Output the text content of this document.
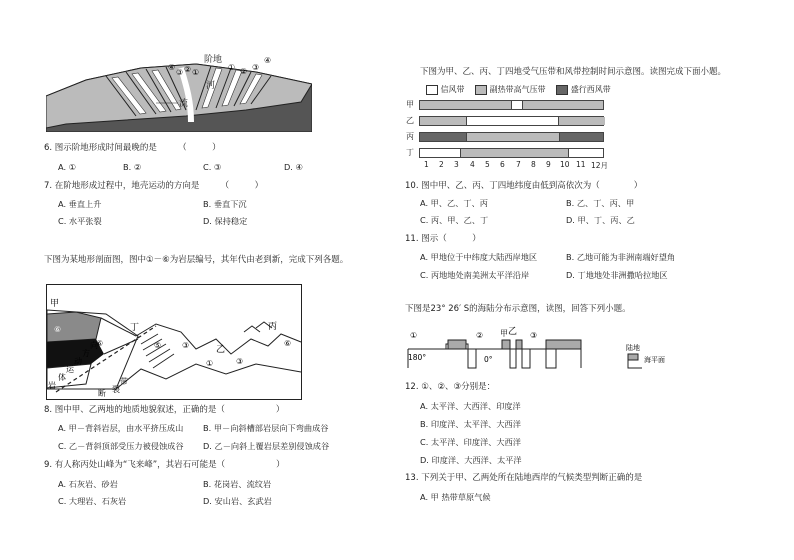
流
河
阶地
④
③ ② ①
① ② ③
④
6. 图示阶地形成时间最晚的是　　　（　　　）
A. ①	B. ②	C. ③	D. ④
7. 在阶地形成过程中，地壳运动的方向是　　　（　　　）
A. 垂直上升	B. 垂直下沉
C. 水平张裂	D. 保持稳定
下图为某地形剖面图，图中①－⑥为岩层编号，其年代由老到新，完成下列各题。
甲
丁
乙
丙
岩
体
运
动
方
向
带
裂
断
⑥
⑥	⑤	③
①	③
⑥
8. 图中甲、乙两地的地质地貌叙述，正确的是（　　　　　　）
A. 甲－背斜岩层，由水平挤压成山 B. 甲－向斜槽部岩层向下弯曲成谷
C. 乙－背斜顶部受压力被侵蚀成谷 D. 乙－向斜上覆岩层差别侵蚀成谷
9. 有人称丙处山峰为“飞来峰”，其岩石可能是（　　　　　　）
A. 石灰岩、砂岩	B. 花岗岩、流纹岩
C. 大理岩、石灰岩	D. 安山岩、玄武岩
下图为甲、乙、丙、丁四地受气压带和风带控制时间示意图。读图完成下面小题。
信风带	副热带高气压带	盛行西风带
甲
乙
丙
丁
1 2 3 4 5 6 7 8 9 10 11 12月
10. 图中甲、乙、丙、丁四地纬度由低到高依次为（　　　　）
A. 甲、乙、丁、丙	B. 乙、丁、丙、甲
C. 丙、甲、乙、丁	D. 甲、丁、丙、乙
11. 图示（　　　）
A. 甲地位于中纬度大陆西岸地区	B. 乙地可能为非洲南端好望角
C. 丙地地处南美洲太平洋沿岸	D. 丁地地处非洲撒哈拉地区
下图是23° 26′ S的海陆分布示意图，读图，回答下列小题。
180°	0°
①	②	③
乙
甲
陆地
海平面
12. ①、②、③分别是：
A. 太平洋、大西洋、印度洋
B. 印度洋、太平洋、大西洋
C. 太平洋、印度洋、大西洋
D. 印度洋、大西洋、太平洋
13. 下列关于甲、乙两处所在陆地西岸的气候类型判断正确的是
A. 甲 热带草原气候
